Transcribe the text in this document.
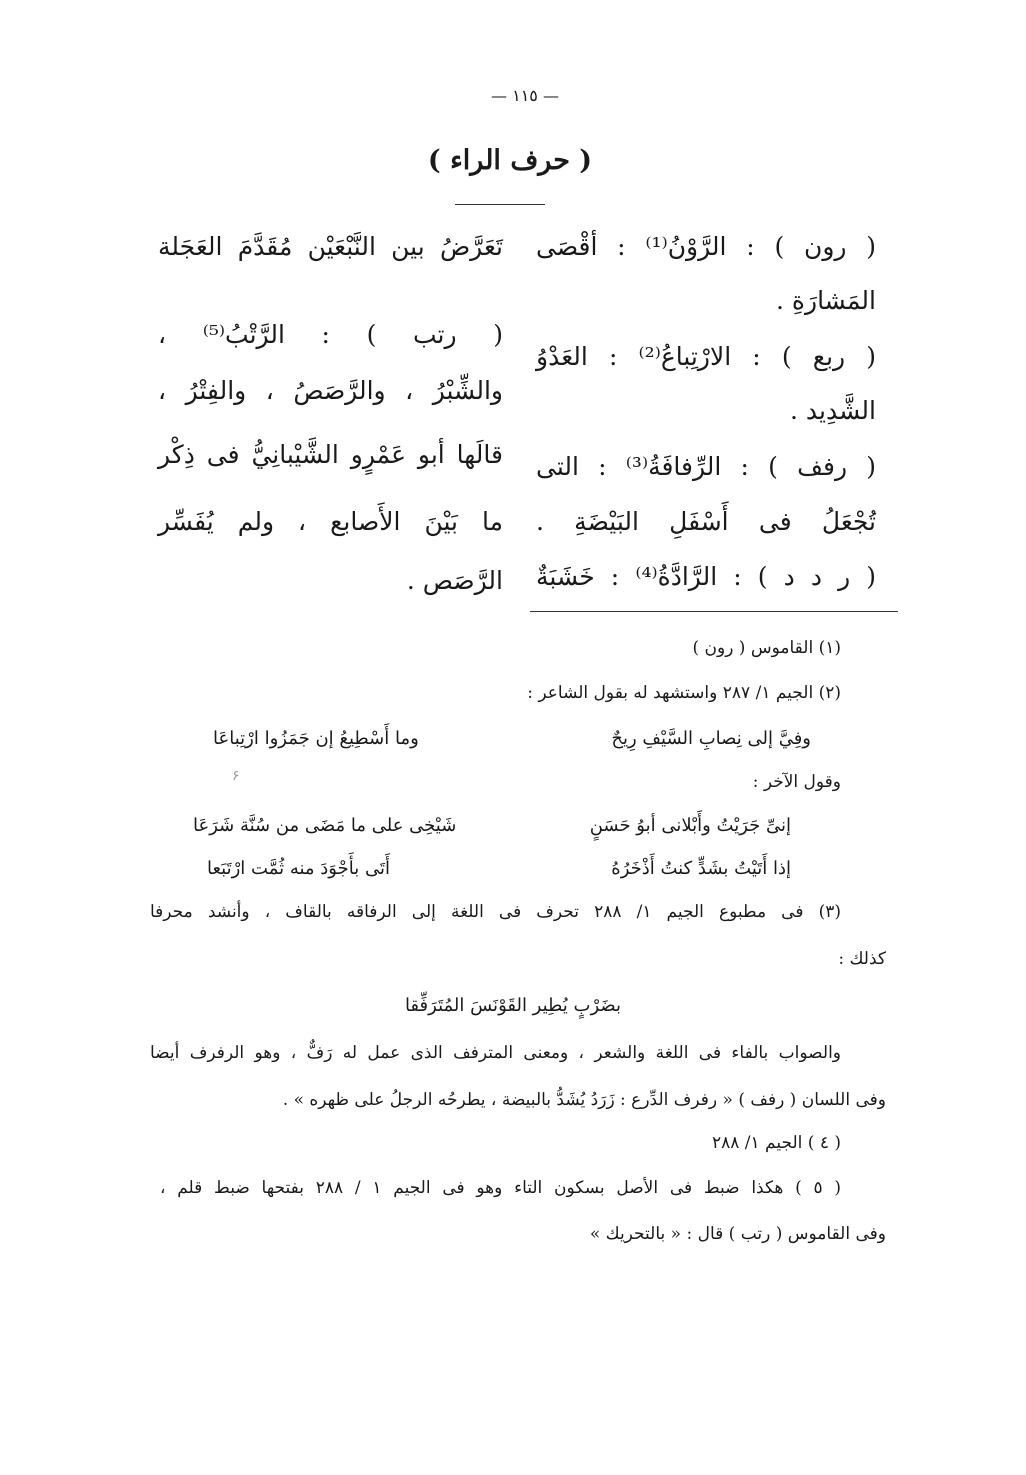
— ١١٥ —
( حرف الراء )
( رون ) : الرَّوْنُ⁽¹⁾ : أقْصَى
المَشارَةِ .
( ربع ) : الارْتِباعُ⁽²⁾ : العَدْوُ
الشَّدِيد .
( رفف ) : الرِّفافَةُ⁽³⁾ : التى
تُجْعَلُ فى أَسْفَلِ البَيْضَةِ .
( ر د د ) : الرَّادَّةُ⁽⁴⁾ : خَشَبَةٌ
تَعَرَّضُ بين النَّبْعَيْن مُقَدَّمَ العَجَلة
( رتب ) : الرَّتْبُ⁽⁵⁾ ،
والشِّبْرُ ، والرَّصَصُ ، والفِتْرُ ،
قالَها أبو عَمْرٍو الشَّيْبانِيُّ فى ذِكْر
ما بَيْنَ الأَصابع ، ولم يُفَسِّر
الرَّصَص .
(١) القاموس ( رون )
(٢) الجيم ١/ ٢٨٧ واستشهد له بقول الشاعر :
وفِيَّ إلى نِصابِ السَّيْفِ رِيحٌ
وما أَسْطِيعُ إن جَمَزُوا ارْتِباعَا
وقول الآخر :
۶
إنىِّ جَرَيْتُ وأَبْلانى أبوُ حَسَنٍ
شَيْخِى على ما مَضَى من سُنَّة شَرَعَا
إذا أَتَيْتُ بشَدٍّ كنتُ أَذْخَرُهُ
أَتَى بأَجْوَدَ منه ثُمَّت ارْتَبَعا
(٣) فى مطبوع الجيم ١/ ٢٨٨ تحرف فى اللغة إلى الرفاقه بالقاف ، وأنشد محرفا
كذلك :
بضَرْبٍ يُطِير القَوْنَسَ المُتَرَفِّقا
والصواب بالفاء فى اللغة والشعر ، ومعنى المترفف الذى عمل له رَفٌّ ، وهو الرفرف أيضا
وفى اللسان ( رفف ) « رفرف الدِّرع : زَرَدُ يُشَدُّ بالبيضة ، يطرحُه الرجلُ على ظهره » .
( ٤ ) الجيم ١/ ٢٨٨
( ٥ ) هكذا ضبط فى الأصل بسكون التاء وهو فى الجيم ١ / ٢٨٨ بفتحها ضبط قلم ،
وفى القاموس ( رتب ) قال : « بالتحريك »
